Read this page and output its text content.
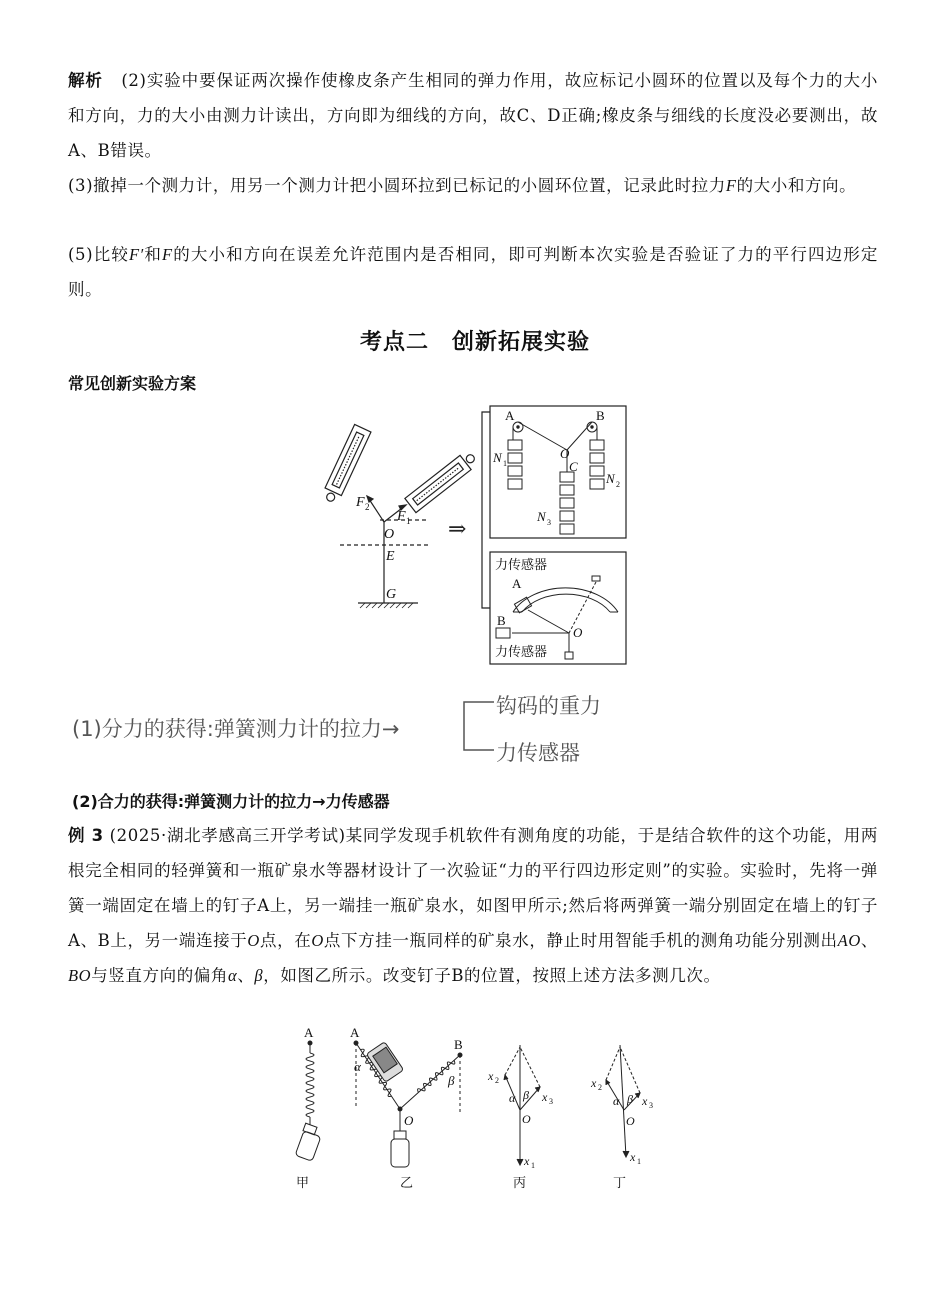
解析 (2)实验中要保证两次操作使橡皮条产生相同的弹力作用，故应标记小圆环的位置以及每个力的大小和方向，力的大小由测力计读出，方向即为细线的方向，故C、D正确;橡皮条与细线的长度没必要测出，故A、B错误。

(3)撤掉一个测力计，用另一个测力计把小圆环拉到已标记的小圆环位置，记录此时拉力F的大小和方向。

(5)比较F′和F的大小和方向在误差允许范围内是否相同，即可判断本次实验是否验证了力的平行四边形定则。

考点二　创新拓展实验
常见创新实验方案
F 2
F 1
O
E
G
⇒
A	B
O
C
N 1
N 2
N 3
力传感器
A
B
O
力传感器
(1)分力的获得:弹簧测力计的拉力→
钩码的重力
力传感器
(2)合力的获得:弹簧测力计的拉力→力传感器

例 3 (2025·湖北孝感高三开学考试)某同学发现手机软件有测角度的功能，于是结合软件的这个功能，用两根完全相同的轻弹簧和一瓶矿泉水等器材设计了一次验证“力的平行四边形定则”的实验。实验时，先将一弹簧一端固定在墙上的钉子A上，另一端挂一瓶矿泉水，如图甲所示;然后将两弹簧一端分别固定在墙上的钉子A、B上，另一端连接于O点，在O点下方挂一瓶同样的矿泉水，静止时用智能手机的测角功能分别测出AO、BO与竖直方向的偏角α、β，如图乙所示。改变钉子B的位置，按照上述方法多测几次。

A	A
B
α
β
O
x 2
x 3
α β
O
x 1
x 2
x 3
α β
O
x 1
甲	乙	丙	丁
